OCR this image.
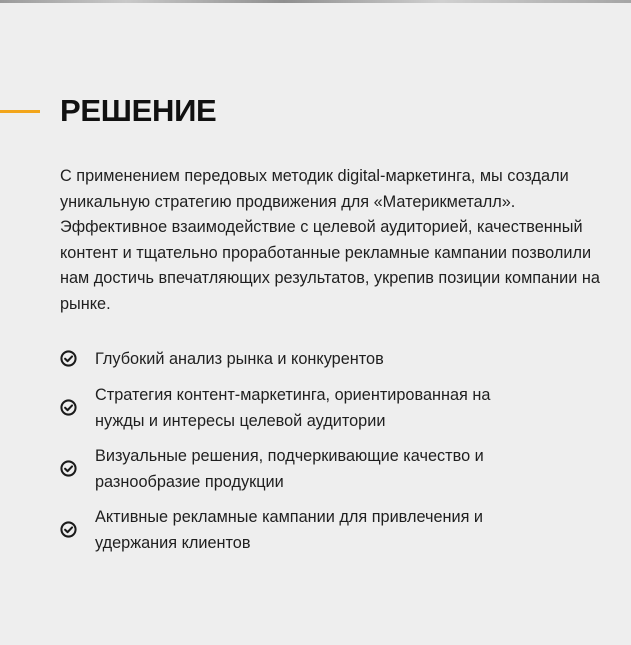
РЕШЕНИЕ

С применением передовых методик digital-маркетинга, мы создали уникальную стратегию продвижения для «Материкметалл». Эффективное взаимодействие с целевой аудиторией, качественный контент и тщательно проработанные рекламные кампании позволили нам достичь впечатляющих результатов, укрепив позиции компании на рынке.

Глубокий анализ рынка и конкурентов
Стратегия контент-маркетинга, ориентированная на нужды и интересы целевой аудитории
Визуальные решения, подчеркивающие качество и разнообразие продукции
Активные рекламные кампании для привлечения и удержания клиентов
